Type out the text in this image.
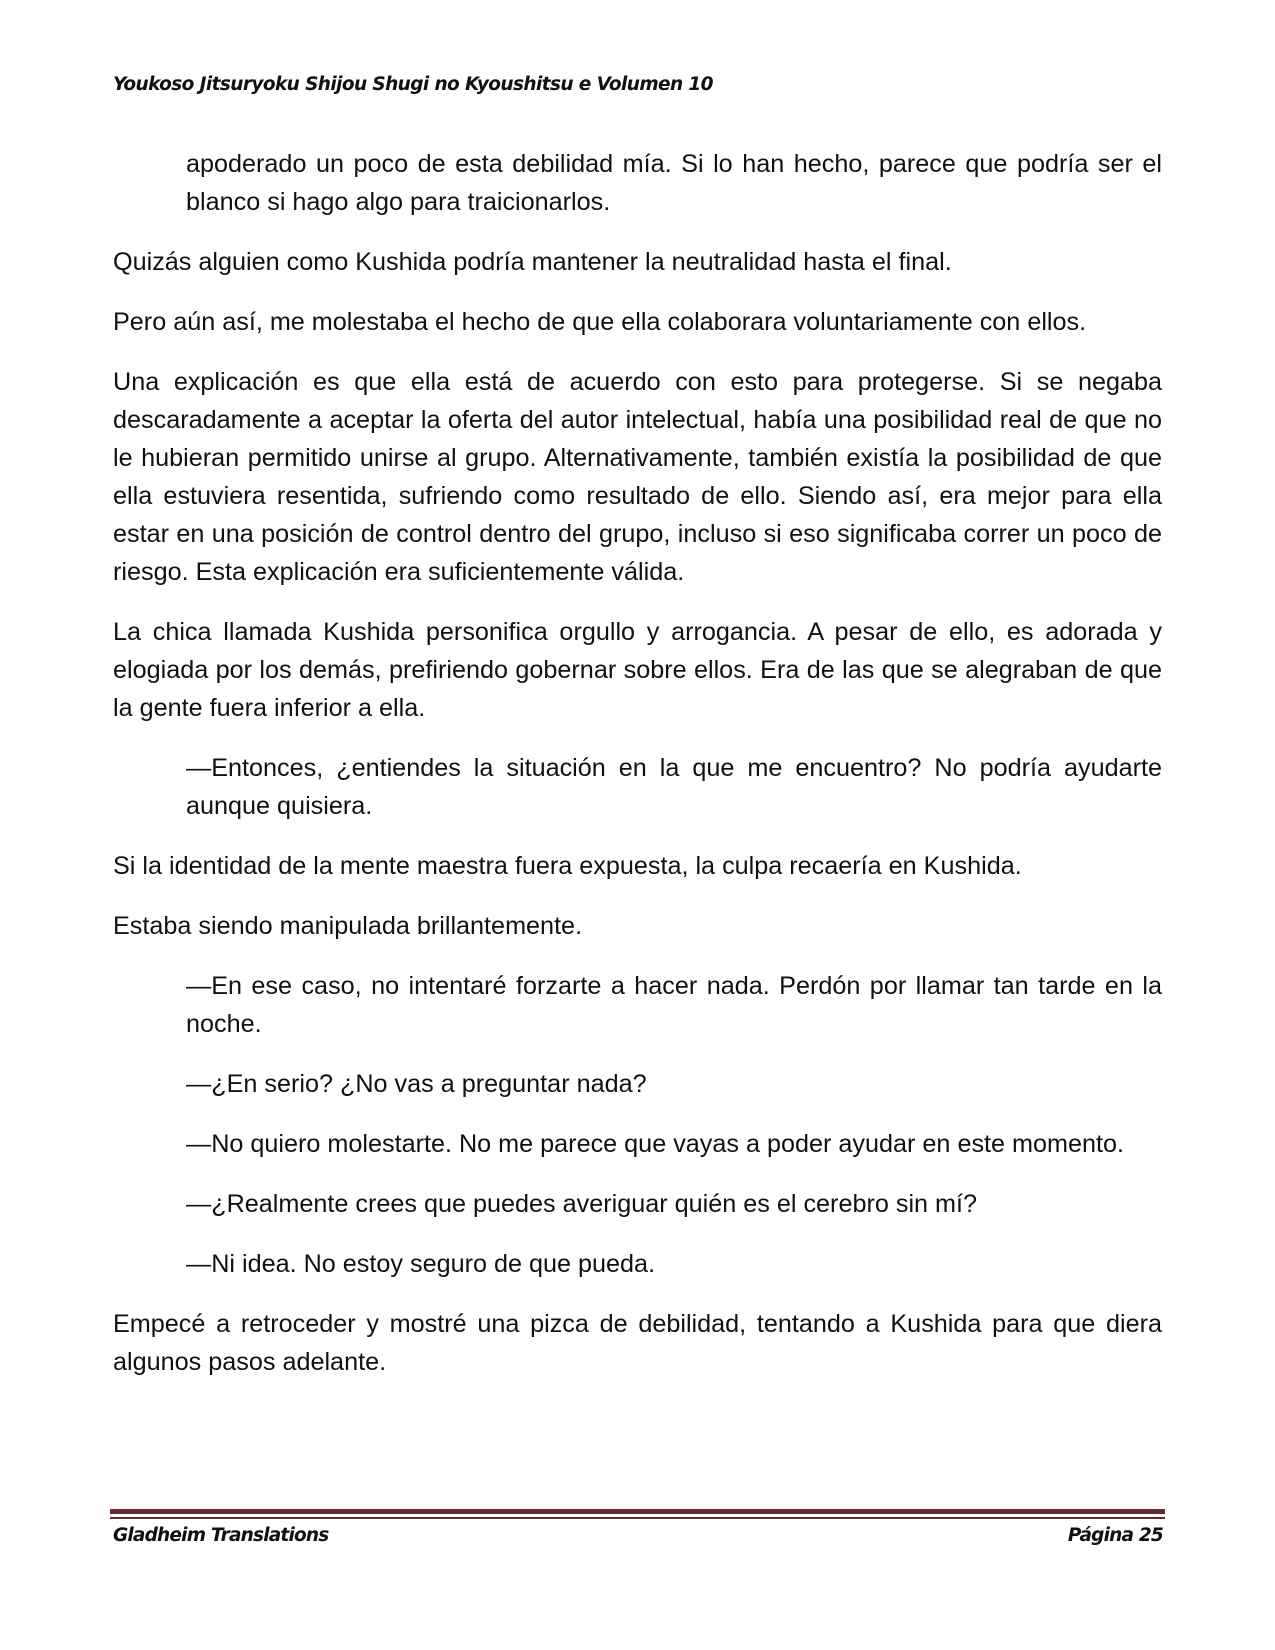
Youkoso Jitsuryoku Shijou Shugi no Kyoushitsu e Volumen 10

apoderado un poco de esta debilidad mía. Si lo han hecho, parece que podría ser el blanco si hago algo para traicionarlos.

Quizás alguien como Kushida podría mantener la neutralidad hasta el final.

Pero aún así, me molestaba el hecho de que ella colaborara voluntariamente con ellos.

Una explicación es que ella está de acuerdo con esto para protegerse. Si se negaba descaradamente a aceptar la oferta del autor intelectual, había una posibilidad real de que no le hubieran permitido unirse al grupo. Alternativamente, también existía la posibilidad de que ella estuviera resentida, sufriendo como resultado de ello. Siendo así, era mejor para ella estar en una posición de control dentro del grupo, incluso si eso significaba correr un poco de riesgo. Esta explicación era suficientemente válida.

La chica llamada Kushida personifica orgullo y arrogancia. A pesar de ello, es adorada y elogiada por los demás, prefiriendo gobernar sobre ellos. Era de las que se alegraban de que la gente fuera inferior a ella.

—Entonces, ¿entiendes la situación en la que me encuentro? No podría ayudarte aunque quisiera.

Si la identidad de la mente maestra fuera expuesta, la culpa recaería en Kushida.

Estaba siendo manipulada brillantemente.

—En ese caso, no intentaré forzarte a hacer nada. Perdón por llamar tan tarde en la noche.

—¿En serio? ¿No vas a preguntar nada?

—No quiero molestarte. No me parece que vayas a poder ayudar en este momento.

—¿Realmente crees que puedes averiguar quién es el cerebro sin mí?

—Ni idea. No estoy seguro de que pueda.

Empecé a retroceder y mostré una pizca de debilidad, tentando a Kushida para que diera algunos pasos adelante.

Gladheim Translations	Página 25
